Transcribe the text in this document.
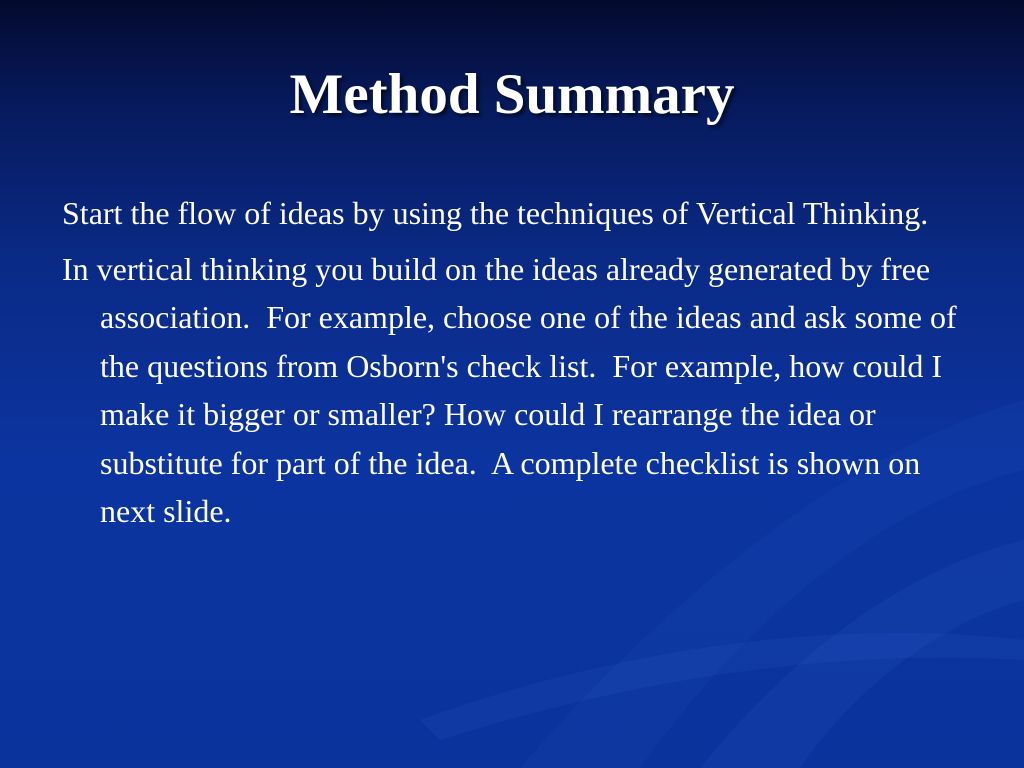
Method Summary

Start the flow of ideas by using the techniques of Vertical Thinking.

In vertical thinking you build on the ideas already generated by free association.  For example, choose one of the ideas and ask some of the questions from Osborn's check list.  For example, how could I make it bigger or smaller? How could I rearrange the idea or substitute for part of the idea.  A complete checklist is shown on next slide.
